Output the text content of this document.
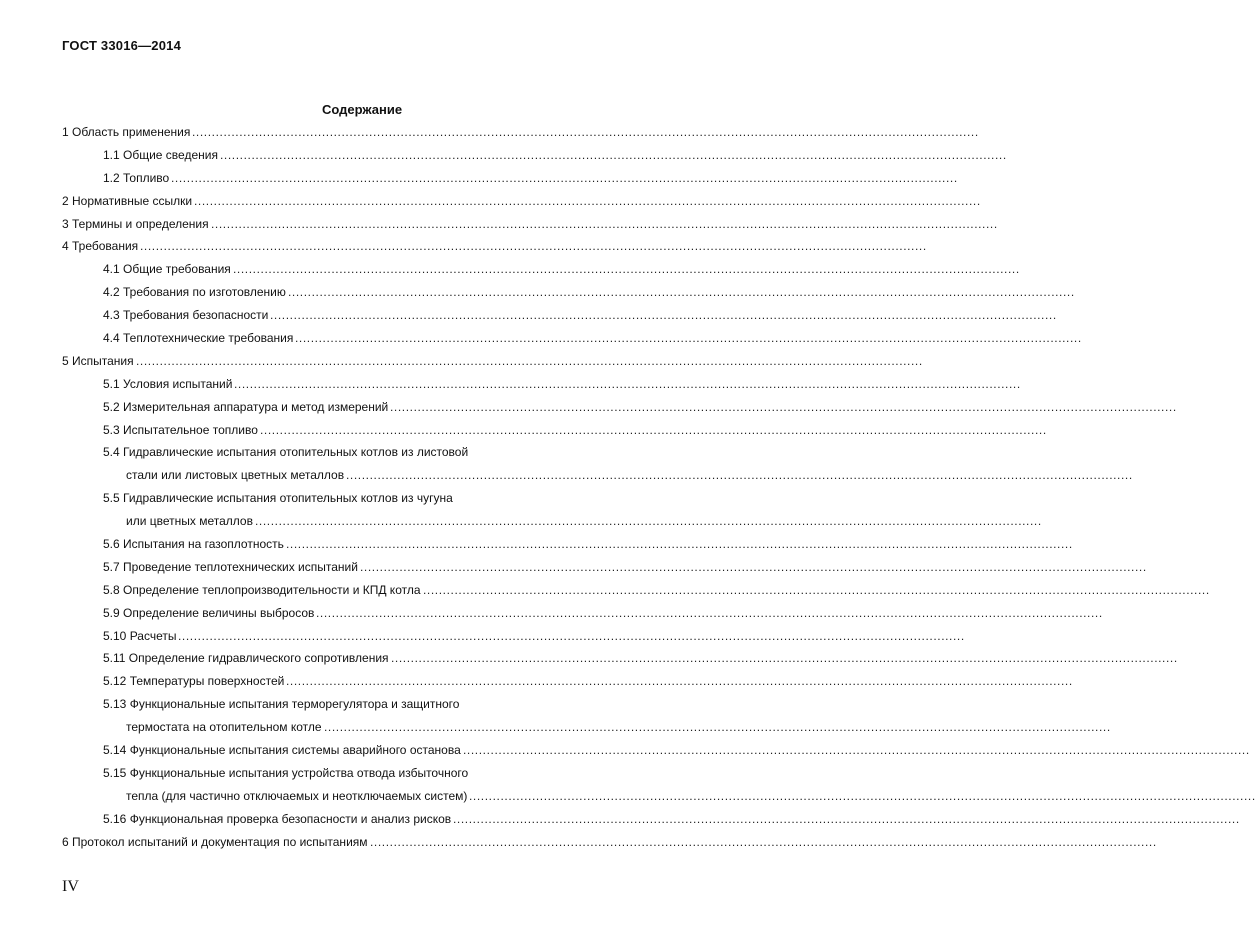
ГОСТ 33016—2014
Содержание
1 Область применения ........................................................................................................................................................................................................
1.1 Общие сведения ........................................................................................................................................................................................................
1.2 Топливо ........................................................................................................................................................................................................
2 Нормативные ссылки ........................................................................................................................................................................................................
3 Термины и определения ........................................................................................................................................................................................................
4 Требования ........................................................................................................................................................................................................
4.1 Общие требования ........................................................................................................................................................................................................
4.2 Требования по изготовлению ........................................................................................................................................................................................................
4.3 Требования безопасности ........................................................................................................................................................................................................
4.4 Теплотехнические требования ........................................................................................................................................................................................................
5 Испытания ........................................................................................................................................................................................................
5.1 Условия испытаний ........................................................................................................................................................................................................
5.2 Измерительная аппаратура и метод измерений ........................................................................................................................................................................................................
5.3 Испытательное топливо ........................................................................................................................................................................................................
5.4 Гидравлические испытания отопительных котлов из листовой
стали или листовых цветных металлов ........................................................................................................................................................................................................
5.5 Гидравлические испытания отопительных котлов из чугуна
или цветных металлов ........................................................................................................................................................................................................
5.6 Испытания на газоплотность ........................................................................................................................................................................................................
5.7 Проведение теплотехнических испытаний ........................................................................................................................................................................................................
5.8 Определение теплопроизводительности и КПД котла ........................................................................................................................................................................................................
5.9 Определение величины выбросов ........................................................................................................................................................................................................
5.10 Расчеты ........................................................................................................................................................................................................
5.11 Определение гидравлического сопротивления ........................................................................................................................................................................................................
5.12 Температуры поверхностей ........................................................................................................................................................................................................
5.13 Функциональные испытания терморегулятора и защитного
термостата на отопительном котле ........................................................................................................................................................................................................
5.14 Функциональные испытания системы аварийного останова ........................................................................................................................................................................................................
5.15 Функциональные испытания устройства отвода избыточного
тепла (для частично отключаемых и неотключаемых систем) ........................................................................................................................................................................................................
5.16 Функциональная проверка безопасности и анализ рисков ........................................................................................................................................................................................................
6 Протокол испытаний и документация по испытаниям ........................................................................................................................................................................................................
IV
